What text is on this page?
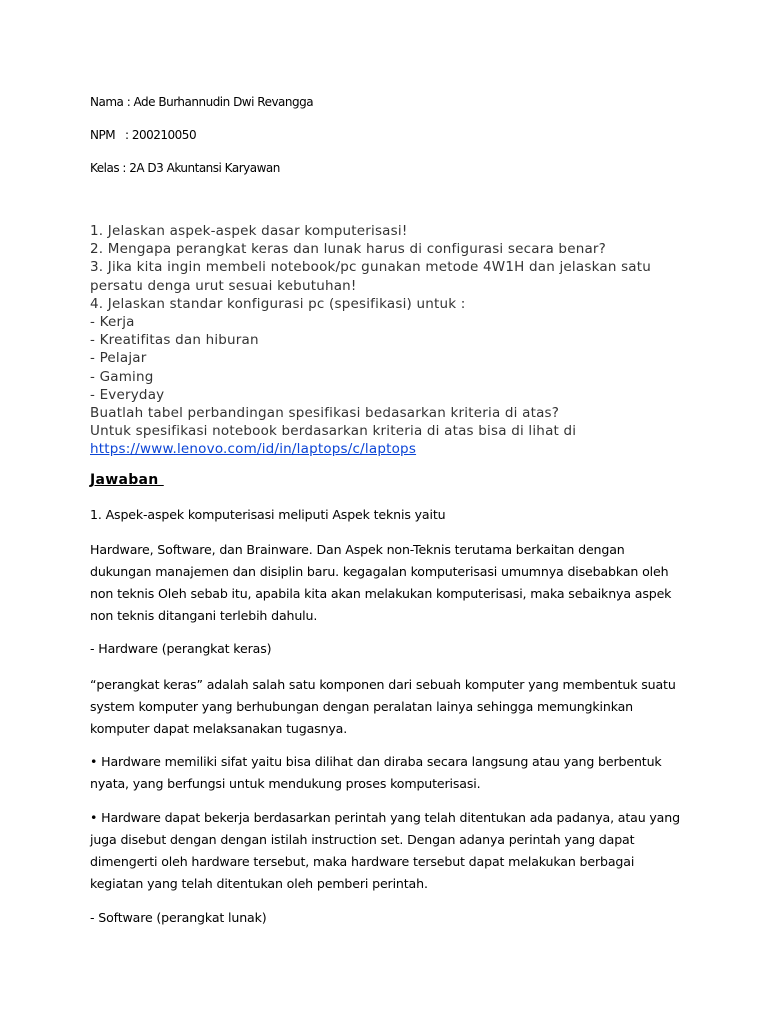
Nama : Ade Burhannudin Dwi Revangga
NPM   : 200210050
Kelas : 2A D3 Akuntansi Karyawan
1. Jelaskan aspek-aspek dasar komputerisasi!
2. Mengapa perangkat keras dan lunak harus di configurasi secara benar?
3. Jika kita ingin membeli notebook/pc gunakan metode 4W1H dan jelaskan satu
persatu denga urut sesuai kebutuhan!
4. Jelaskan standar konfigurasi pc (spesifikasi) untuk :
- Kerja
- Kreatifitas dan hiburan
- Pelajar
- Gaming
- Everyday
Buatlah tabel perbandingan spesifikasi bedasarkan kriteria di atas?
Untuk spesifikasi notebook berdasarkan kriteria di atas bisa di lihat di
https://www.lenovo.com/id/in/laptops/c/laptops
Jawaban
1. Aspek-aspek komputerisasi meliputi Aspek teknis yaitu
Hardware, Software, dan Brainware. Dan Aspek non-Teknis terutama berkaitan dengan
dukungan manajemen dan disiplin baru. kegagalan komputerisasi umumnya disebabkan oleh
non teknis Oleh sebab itu, apabila kita akan melakukan komputerisasi, maka sebaiknya aspek
non teknis ditangani terlebih dahulu.
- Hardware (perangkat keras)
“perangkat keras” adalah salah satu komponen dari sebuah komputer yang membentuk suatu
system komputer yang berhubungan dengan peralatan lainya sehingga memungkinkan
komputer dapat melaksanakan tugasnya.
• Hardware memiliki sifat yaitu bisa dilihat dan diraba secara langsung atau yang berbentuk
nyata, yang berfungsi untuk mendukung proses komputerisasi.
• Hardware dapat bekerja berdasarkan perintah yang telah ditentukan ada padanya, atau yang
juga disebut dengan dengan istilah instruction set. Dengan adanya perintah yang dapat
dimengerti oleh hardware tersebut, maka hardware tersebut dapat melakukan berbagai
kegiatan yang telah ditentukan oleh pemberi perintah.
- Software (perangkat lunak)
